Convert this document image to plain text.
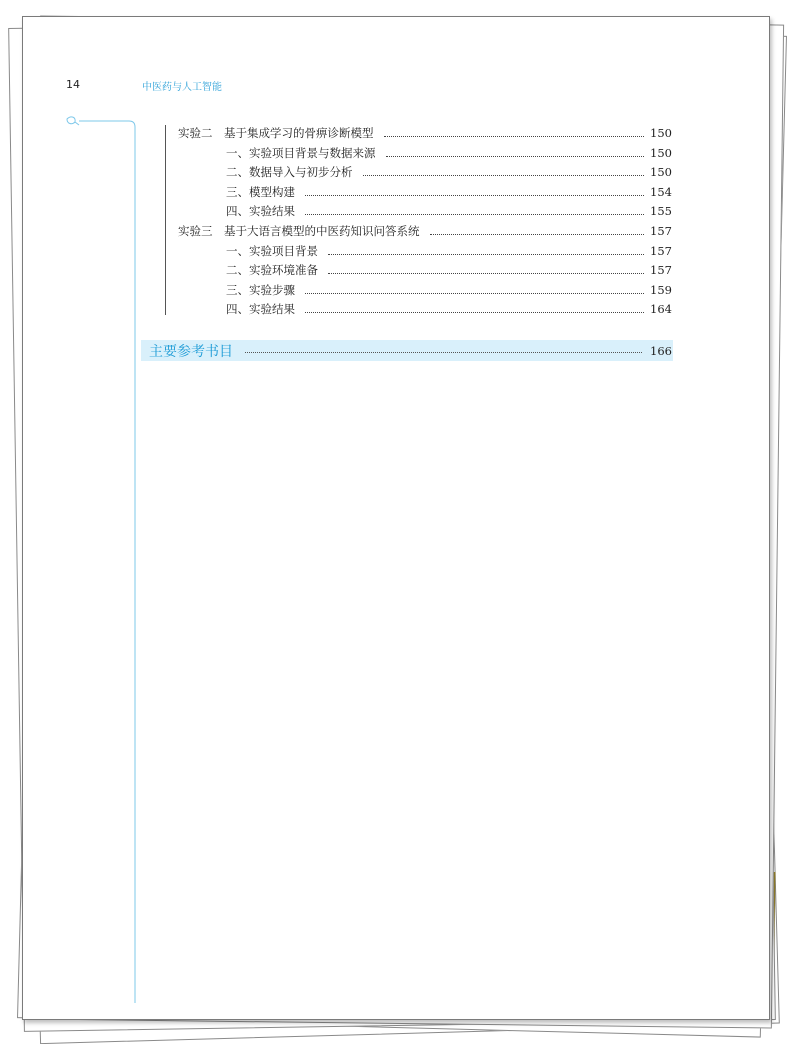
14	中医药与人工智能
实验二　基于集成学习的骨痹诊断模型	150
一、实验项目背景与数据来源	150
二、数据导入与初步分析	150
三、模型构建	154
四、实验结果	155
实验三　基于大语言模型的中医药知识问答系统	157
一、实验项目背景	157
二、实验环境准备	157
三、实验步骤	159
四、实验结果	164
主要参考书目	166
